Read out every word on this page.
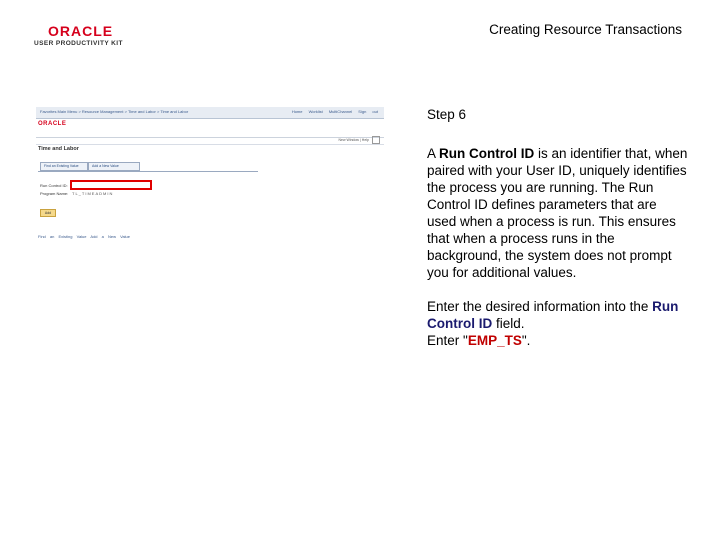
ORACLE
USER PRODUCTIVITY KIT
Creating Resource Transactions
Favorites Main Menu > Resource Management > Time and Labor > Time and Labor	Home Worklist MultiChannel Sign out
ORACLE
New Window | Help
Time and Labor
Find an Existing Value	Add a New Value
Run Control ID:
Program Name: TL_TIMEADMIN
Add
Find an Existing Value Add a New Value
Step 6
A Run Control ID is an identifier that, when paired with your User ID, uniquely identifies the process you are running. The Run Control ID defines parameters that are used when a process is run. This ensures that when a process runs in the background, the system does not prompt you for additional values.
Enter the desired information into the Run Control ID field.
Enter "EMP_TS".
